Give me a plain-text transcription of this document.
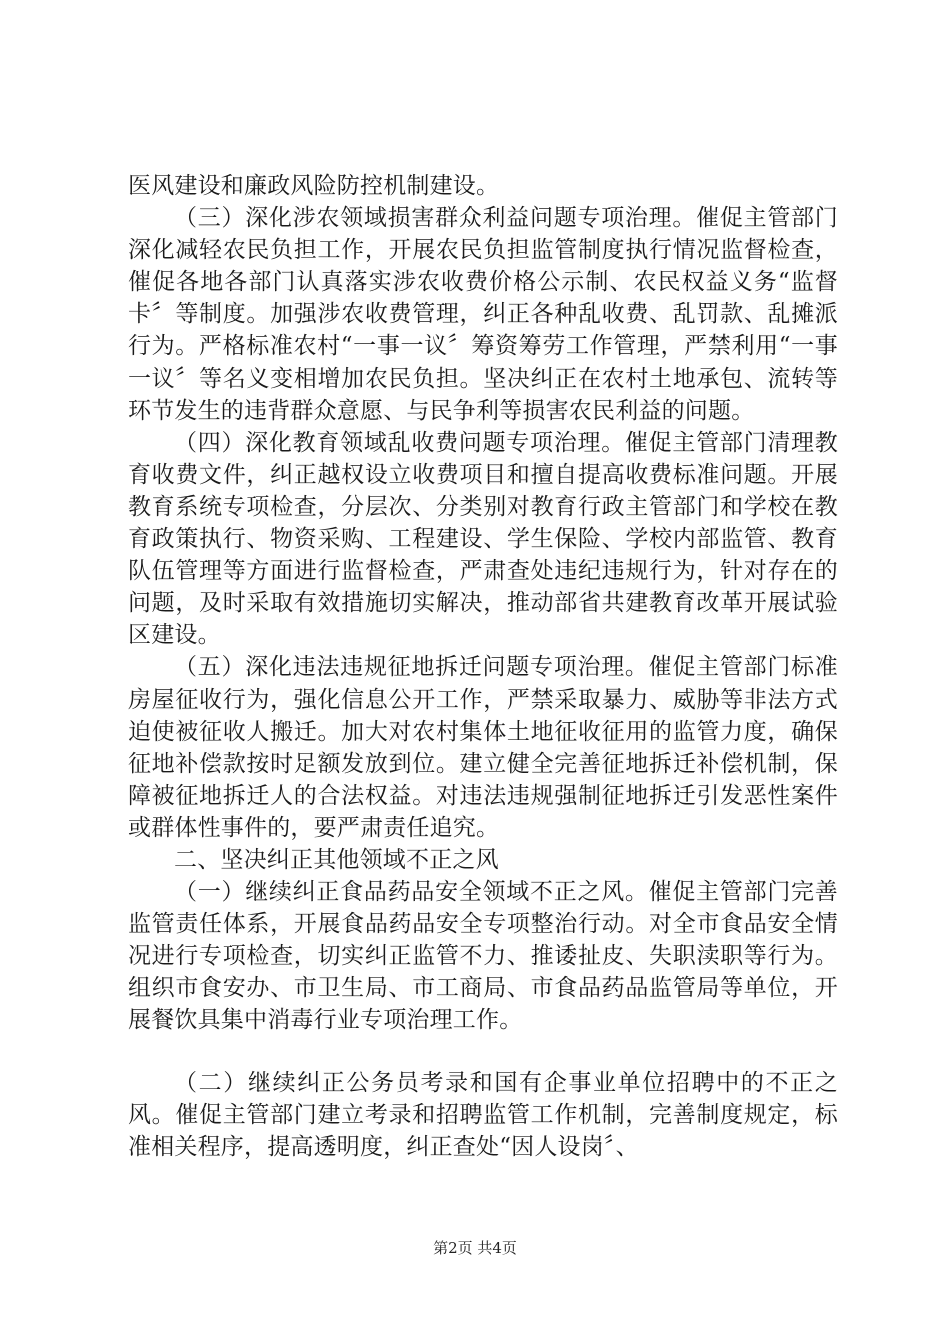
医风建设和廉政风险防控机制建设。

（三）深化涉农领域损害群众利益问题专项治理。催促主管部门深化减轻农民负担工作，开展农民负担监管制度执行情况监督检查，催促各地各部门认真落实涉农收费价格公示制、农民权益义务“监督卡〞等制度。加强涉农收费管理，纠正各种乱收费、乱罚款、乱摊派行为。严格标准农村“一事一议〞筹资筹劳工作管理，严禁利用“一事一议〞等名义变相增加农民负担。坚决纠正在农村土地承包、流转等环节发生的违背群众意愿、与民争利等损害农民利益的问题。

（四）深化教育领域乱收费问题专项治理。催促主管部门清理教育收费文件，纠正越权设立收费项目和擅自提高收费标准问题。开展教育系统专项检查，分层次、分类别对教育行政主管部门和学校在教育政策执行、物资采购、工程建设、学生保险、学校内部监管、教育队伍管理等方面进行监督检查，严肃查处违纪违规行为，针对存在的问题，及时采取有效措施切实解决，推动部省共建教育改革开展试验区建设。

（五）深化违法违规征地拆迁问题专项治理。催促主管部门标准房屋征收行为，强化信息公开工作，严禁采取暴力、威胁等非法方式迫使被征收人搬迁。加大对农村集体土地征收征用的监管力度，确保征地补偿款按时足额发放到位。建立健全完善征地拆迁补偿机制，保障被征地拆迁人的合法权益。对违法违规强制征地拆迁引发恶性案件或群体性事件的，要严肃责任追究。

二、坚决纠正其他领域不正之风

（一）继续纠正食品药品安全领域不正之风。催促主管部门完善监管责任体系，开展食品药品安全专项整治行动。对全市食品安全情况进行专项检查，切实纠正监管不力、推诿扯皮、失职渎职等行为。组织市食安办、市卫生局、市工商局、市食品药品监管局等单位，开展餐饮具集中消毒行业专项治理工作。

（二）继续纠正公务员考录和国有企事业单位招聘中的不正之风。催促主管部门建立考录和招聘监管工作机制，完善制度规定，标准相关程序，提高透明度，纠正查处“因人设岗〞、

第2页 共4页
